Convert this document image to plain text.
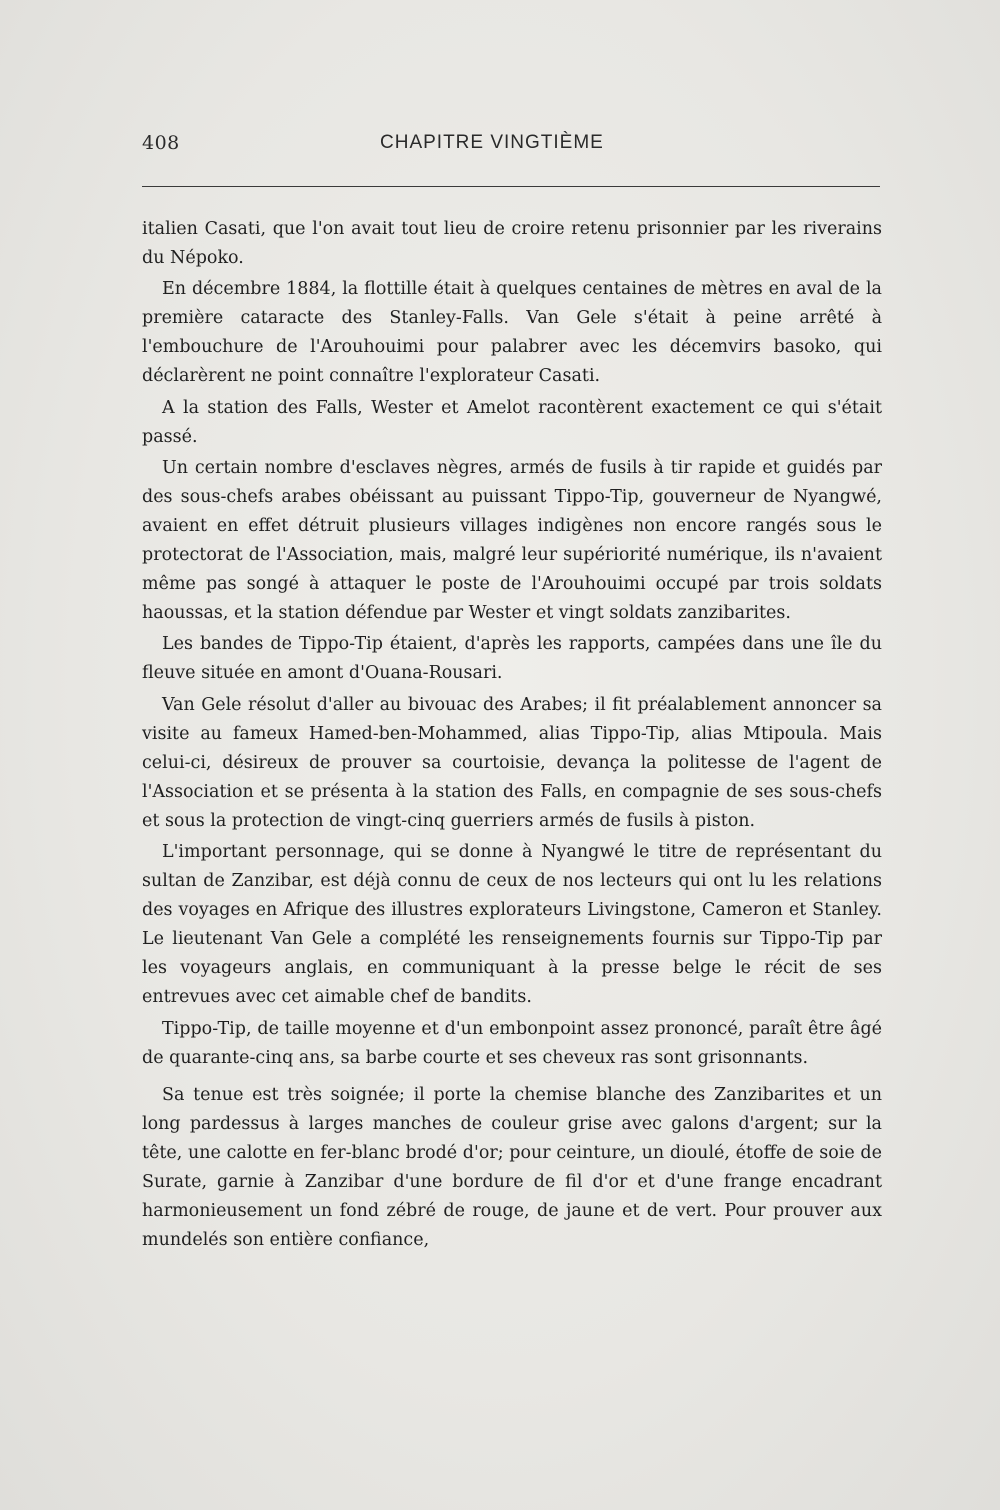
408	CHAPITRE VINGTIÈME

italien Casati, que l'on avait tout lieu de croire retenu prisonnier par les riverains du Népoko.

En décembre 1884, la flottille était à quelques centaines de mètres en aval de la première cataracte des Stanley-Falls. Van Gele s'était à peine arrêté à l'embouchure de l'Arouhouimi pour palabrer avec les décemvirs basoko, qui déclarèrent ne point connaître l'explorateur Casati.

A la station des Falls, Wester et Amelot racontèrent exactement ce qui s'était passé.

Un certain nombre d'esclaves nègres, armés de fusils à tir rapide et guidés par des sous-chefs arabes obéissant au puissant Tippo-Tip, gouverneur de Nyangwé, avaient en effet détruit plusieurs villages indigènes non encore rangés sous le protectorat de l'Association, mais, malgré leur supériorité numérique, ils n'avaient même pas songé à attaquer le poste de l'Arouhouimi occupé par trois soldats haoussas, et la station défendue par Wester et vingt soldats zanzibarites.

Les bandes de Tippo-Tip étaient, d'après les rapports, campées dans une île du fleuve située en amont d'Ouana-Rousari.

Van Gele résolut d'aller au bivouac des Arabes; il fit préalablement annoncer sa visite au fameux Hamed-ben-Mohammed, alias Tippo-Tip, alias Mtipoula. Mais celui-ci, désireux de prouver sa courtoisie, devança la politesse de l'agent de l'Association et se présenta à la station des Falls, en compagnie de ses sous-chefs et sous la protection de vingt-cinq guerriers armés de fusils à piston.

L'important personnage, qui se donne à Nyangwé le titre de représentant du sultan de Zanzibar, est déjà connu de ceux de nos lecteurs qui ont lu les relations des voyages en Afrique des illustres explorateurs Livingstone, Cameron et Stanley. Le lieutenant Van Gele a complété les renseignements fournis sur Tippo-Tip par les voyageurs anglais, en communiquant à la presse belge le récit de ses entrevues avec cet aimable chef de bandits.

Tippo-Tip, de taille moyenne et d'un embonpoint assez prononcé, paraît être âgé de quarante-cinq ans, sa barbe courte et ses cheveux ras sont grisonnants.

Sa tenue est très soignée; il porte la chemise blanche des Zanzibarites et un long pardessus à larges manches de couleur grise avec galons d'argent; sur la tête, une calotte en fer-blanc brodé d'or; pour ceinture, un dioulé, étoffe de soie de Surate, garnie à Zanzibar d'une bordure de fil d'or et d'une frange encadrant harmonieusement un fond zébré de rouge, de jaune et de vert. Pour prouver aux mundelés son entière confiance,
